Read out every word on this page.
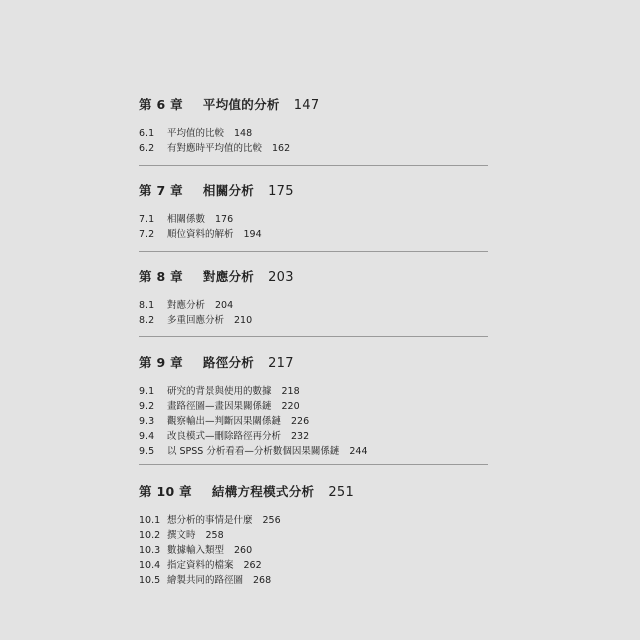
第 6 章 平均值的分析 147
6.1 平均值的比較 148
6.2 有對應時平均值的比較 162
第 7 章 相關分析 175
7.1 相關係數 176
7.2 順位資料的解析 194
第 8 章 對應分析 203
8.1 對應分析 204
8.2 多重回應分析 210
第 9 章 路徑分析 217
9.1 研究的背景與使用的數據 218
9.2 畫路徑圖—畫因果關係鏈 220
9.3 觀察輸出—判斷因果關係鏈 226
9.4 改良模式—刪除路徑再分析 232
9.5 以 SPSS 分析看看—分析數個因果關係鏈 244
第 10 章 結構方程模式分析 251
10.1 想分析的事情是什麼 256
10.2 撰文時 258
10.3 數據輸入類型 260
10.4 指定資料的檔案 262
10.5 繪製共同的路徑圖 268
